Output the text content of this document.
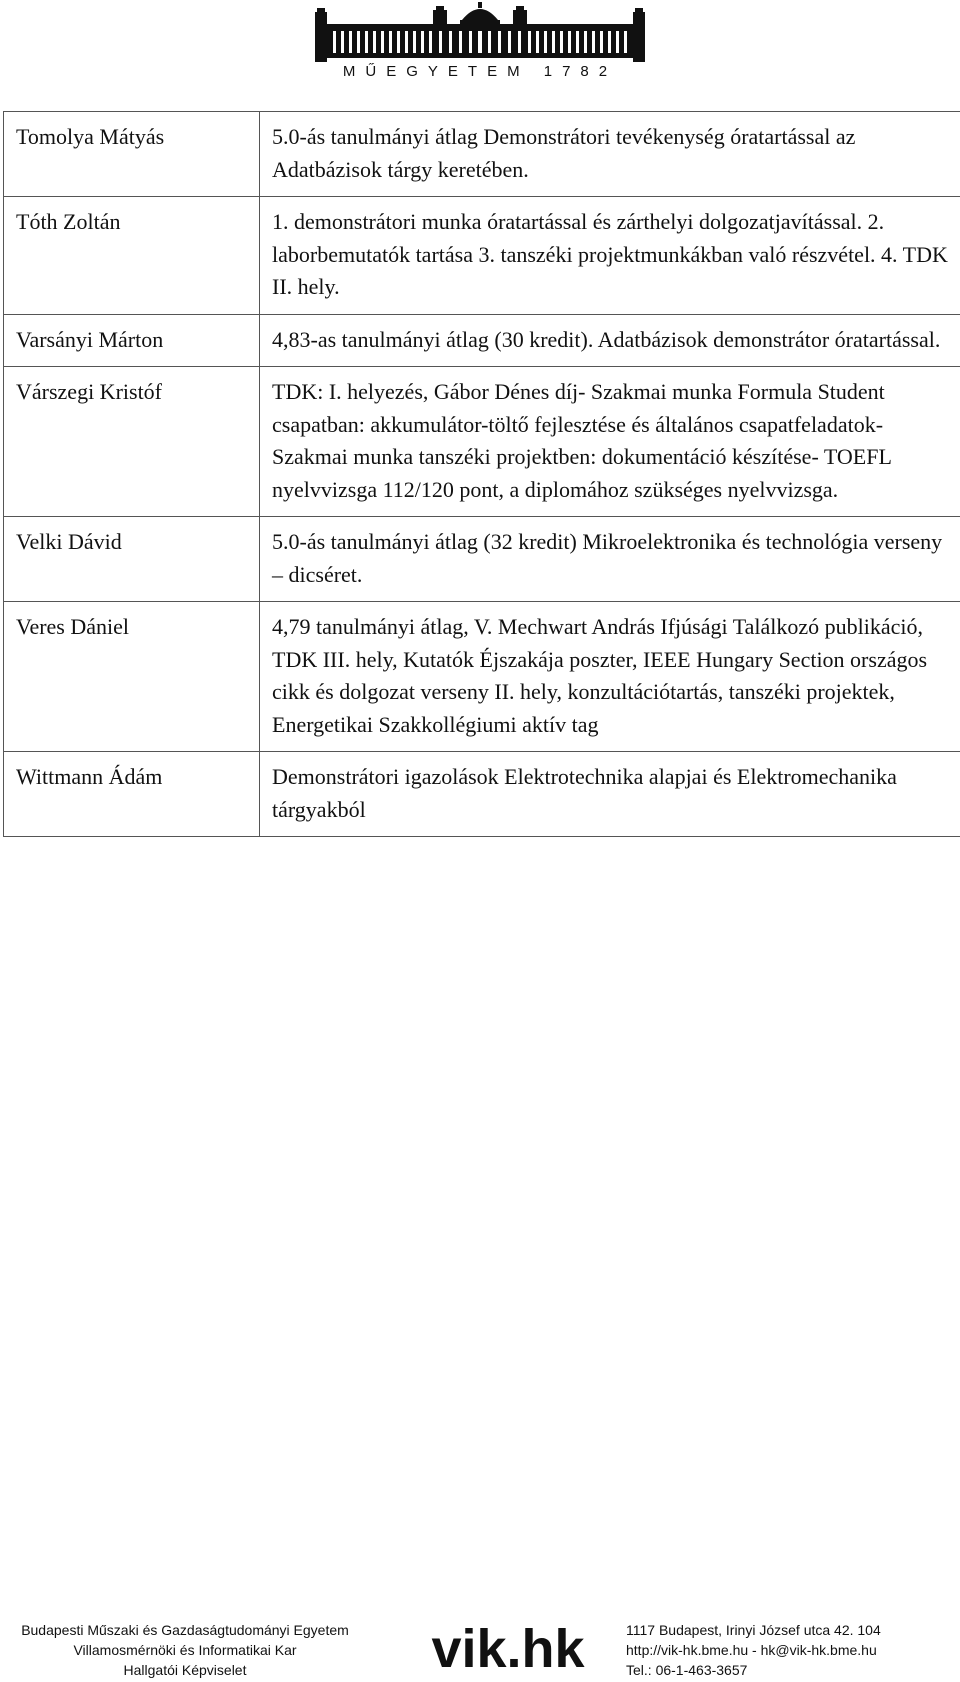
MŰEGYETEM 1782
Tomolya Mátyás	5.0-ás tanulmányi átlag Demonstrátori tevékenység óratartással az Adatbázisok tárgy keretében.
Tóth Zoltán	1. demonstrátori munka óratartással és zárthelyi dolgozatjavítással. 2. laborbemutatók tartása 3. tanszéki projektmunkákban való részvétel. 4. TDK II. hely.
Varsányi Márton	4,83-as tanulmányi átlag (30 kredit). Adatbázisok demonstrátor óratartással.
Várszegi Kristóf	TDK: I. helyezés, Gábor Dénes díj- Szakmai munka Formula Student csapatban: akkumulátor-töltő fejlesztése és általános csapatfeladatok- Szakmai munka tanszéki projektben: dokumentáció készítése- TOEFL nyelvvizsga 112/120 pont, a diplomához szükséges nyelvvizsga.
Velki Dávid	5.0-ás tanulmányi átlag (32 kredit) Mikroelektronika és technológia verseny – dicséret.
Veres Dániel	4,79 tanulmányi átlag, V. Mechwart András Ifjúsági Találkozó publikáció, TDK III. hely, Kutatók Éjszakája poszter, IEEE Hungary Section országos cikk és dolgozat verseny II. hely, konzultációtartás, tanszéki projektek, Energetikai Szakkollégiumi aktív tag
Wittmann Ádám	Demonstrátori igazolások Elektrotechnika alapjai és Elektromechanika tárgyakból
Budapesti Műszaki és Gazdaságtudományi Egyetem
Villamosmérnöki és Informatikai Kar
Hallgatói Képviselet	vik.hk	1117 Budapest, Irinyi József utca 42. 104
http://vik-hk.bme.hu - hk@vik-hk.bme.hu
Tel.: 06-1-463-3657
